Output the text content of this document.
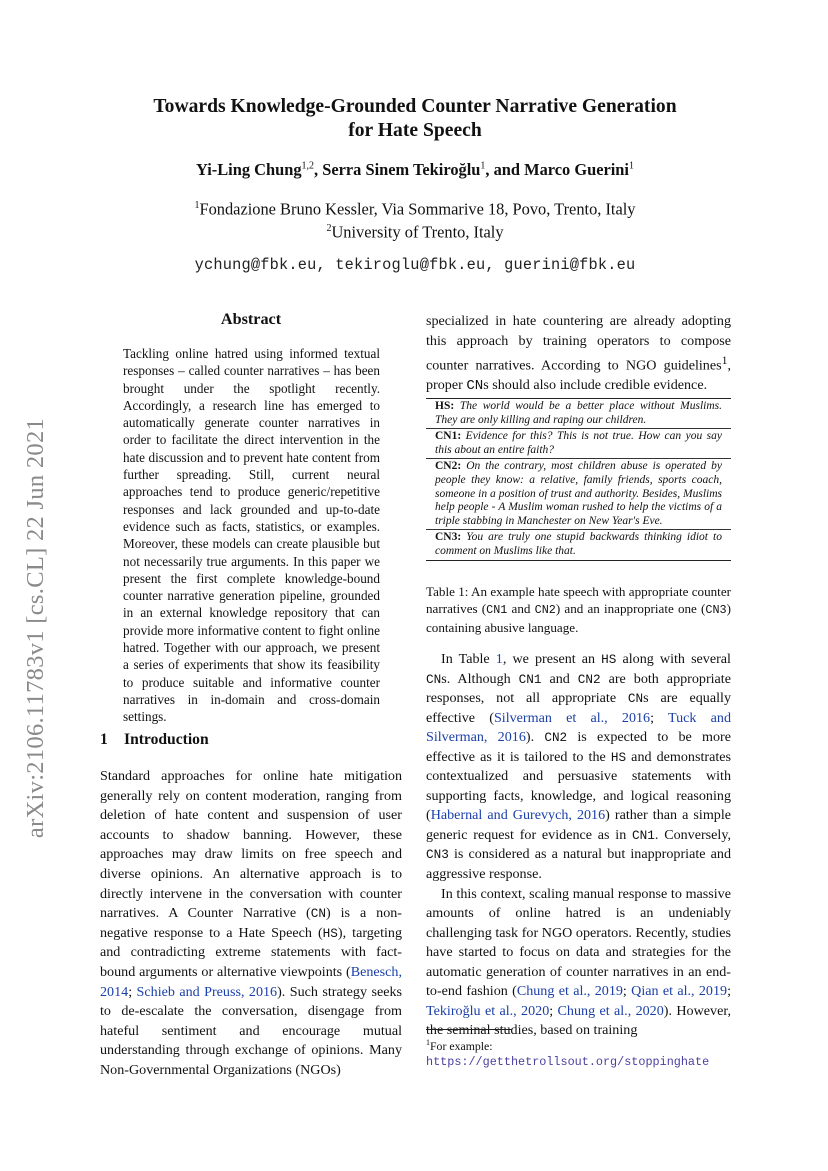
arXiv:2106.11783v1 [cs.CL] 22 Jun 2021
Towards Knowledge-Grounded Counter Narrative Generation
for Hate Speech
Yi-Ling Chung$^{1,2}$, Serra Sinem Tekiroğlu$^1$, and Marco Guerini$^1$
$^1$Fondazione Bruno Kessler, Via Sommarive 18, Povo, Trento, Italy
$^2$University of Trento, Italy
ychung@fbk.eu, tekiroglu@fbk.eu, guerini@fbk.eu
Abstract
Tackling online hatred using informed textual responses – called counter narratives – has been brought under the spotlight recently. Accordingly, a research line has emerged to automatically generate counter narratives in order to facilitate the direct intervention in the hate discussion and to prevent hate content from further spreading. Still, current neural approaches tend to produce generic/repetitive responses and lack grounded and up-to-date evidence such as facts, statistics, or examples. Moreover, these models can create plausible but not necessarily true arguments. In this paper we present the first complete knowledge-bound counter narrative generation pipeline, grounded in an external knowledge repository that can provide more informative content to fight online hatred. Together with our approach, we present a series of experiments that show its feasibility to produce suitable and informative counter narratives in in-domain and cross-domain settings.
1 Introduction
Standard approaches for online hate mitigation generally rely on content moderation, ranging from deletion of hate content and suspension of user accounts to shadow banning. However, these approaches may draw limits on free speech and diverse opinions. An alternative approach is to directly intervene in the conversation with counter narratives. A Counter Narrative (CN) is a non-negative response to a Hate Speech (HS), targeting and contradicting extreme statements with fact-bound arguments or alternative viewpoints (Benesch, 2014; Schieb and Preuss, 2016). Such strategy seeks to de-escalate the conversation, disengage from hateful sentiment and encourage mutual understanding through exchange of opinions. Many Non-Governmental Organizations (NGOs)
specialized in hate countering are already adopting this approach by training operators to compose counter narratives. According to NGO guidelines$^1$, proper CNs should also include credible evidence.
HS: The world would be a better place without Muslims. They are only killing and raping our children.
CN1: Evidence for this? This is not true. How can you say this about an entire faith?
CN2: On the contrary, most children abuse is operated by people they know: a relative, family friends, sports coach, someone in a position of trust and authority. Besides, Muslims help people - A Muslim woman rushed to help the victims of a triple stabbing in Manchester on New Year's Eve.
CN3: You are truly one stupid backwards thinking idiot to comment on Muslims like that.
Table 1: An example hate speech with appropriate counter narratives (CN1 and CN2) and an inappropriate one (CN3) containing abusive language.

In Table 1, we present an HS along with several CNs. Although CN1 and CN2 are both appropriate responses, not all appropriate CNs are equally effective (Silverman et al., 2016; Tuck and Silverman, 2016). CN2 is expected to be more effective as it is tailored to the HS and demonstrates contextualized and persuasive statements with supporting facts, knowledge, and logical reasoning (Habernal and Gurevych, 2016) rather than a simple generic request for evidence as in CN1. Conversely, CN3 is considered as a natural but inappropriate and aggressive response.

In this context, scaling manual response to massive amounts of online hatred is an undeniably challenging task for NGO operators. Recently, studies have started to focus on data and strategies for the automatic generation of counter narratives in an end-to-end fashion (Chung et al., 2019; Qian et al., 2019; Tekiroğlu et al., 2020; Chung et al., 2020). However, the seminal studies, based on training

$^1$For example: https://getthetrollsout.org/stoppinghate
